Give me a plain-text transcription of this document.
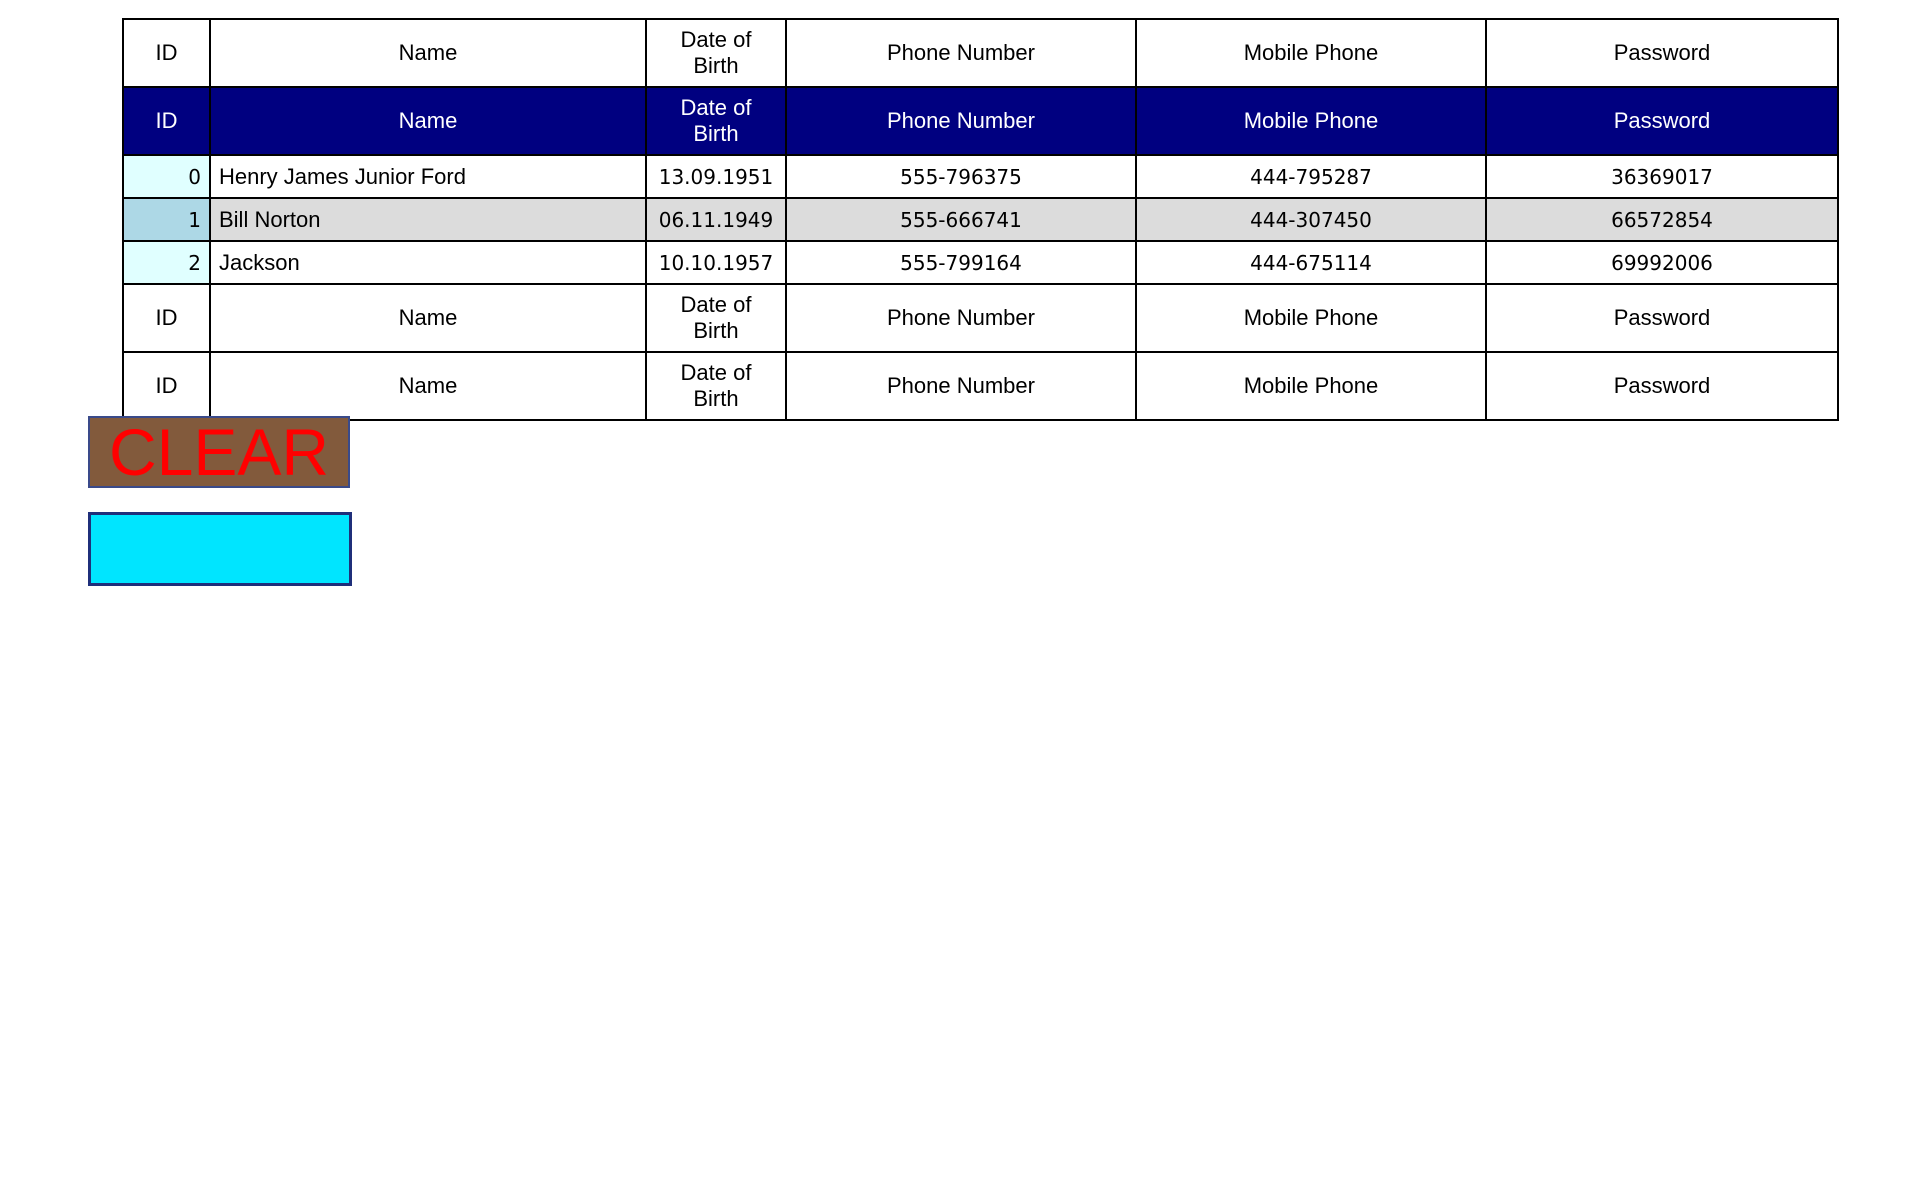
ID	Name	Date of Birth	Phone Number	Mobile Phone	Password
ID	Name	Date of Birth	Phone Number	Mobile Phone	Password
0	Henry James Junior Ford	13.09.1951	555-796375	444-795287	36369017
1	Bill Norton	06.11.1949	555-666741	444-307450	66572854
2	Jackson	10.10.1957	555-799164	444-675114	69992006
ID	Name	Date of Birth	Phone Number	Mobile Phone	Password
ID	Name	Date of Birth	Phone Number	Mobile Phone	Password
CLEAR
